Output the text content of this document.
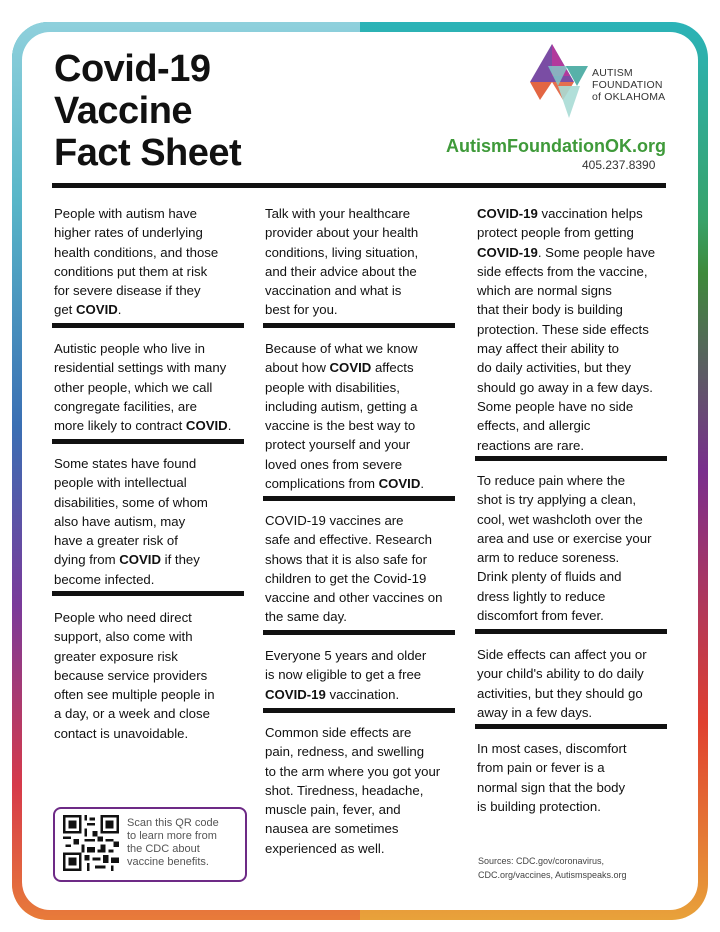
Covid-19
Vaccine
Fact Sheet
AUTISM
FOUNDATION
of OKLAHOMA
AutismFoundationOK.org
405.237.8390
People with autism have
higher rates of underlying
health conditions, and those
conditions put them at risk
for severe disease if they
get COVID.
Autistic people who live in
residential settings with many
other people, which we call
congregate facilities, are
more likely to contract COVID.
Some states have found
people with intellectual
disabilities, some of whom
also have autism, may
have a greater risk of
dying from COVID if they
become infected.
People who need direct
support, also come with
greater exposure risk
because service providers
often see multiple people in
a day, or a week and close
contact is unavoidable.
Talk with your healthcare
provider about your health
conditions, living situation,
and their advice about the
vaccination and what is
best for you.
Because of what we know
about how COVID affects
people with disabilities,
including autism, getting a
vaccine is the best way to
protect yourself and your
loved ones from severe
complications from COVID.
COVID-19 vaccines are
safe and effective. Research
shows that it is also safe for
children to get the Covid-19
vaccine and other vaccines on
the same day.
Everyone 5 years and older
is now eligible to get a free
COVID-19 vaccination.
Common side effects are
pain, redness, and swelling
to the arm where you got your
shot. Tiredness, headache,
muscle pain, fever, and
nausea are sometimes
experienced as well.
COVID-19 vaccination helps
protect people from getting
COVID-19. Some people have
side effects from the vaccine,
which are normal signs
that their body is building
protection. These side effects
may affect their ability to
do daily activities, but they
should go away in a few days.
Some people have no side
effects, and allergic
reactions are rare.
To reduce pain where the
shot is try applying a clean,
cool, wet washcloth over the
area and use or exercise your
arm to reduce soreness.
Drink plenty of fluids and
dress lightly to reduce
discomfort from fever.
Side effects can affect you or
your child's ability to do daily
activities, but they should go
away in a few days.
In most cases, discomfort
from pain or fever is a
normal sign that the body
is building protection.
Scan this QR code
to learn more from
the CDC about
vaccine benefits.	Sources: CDC.gov/coronavirus,
CDC.org/vaccines, Autismspeaks.org
